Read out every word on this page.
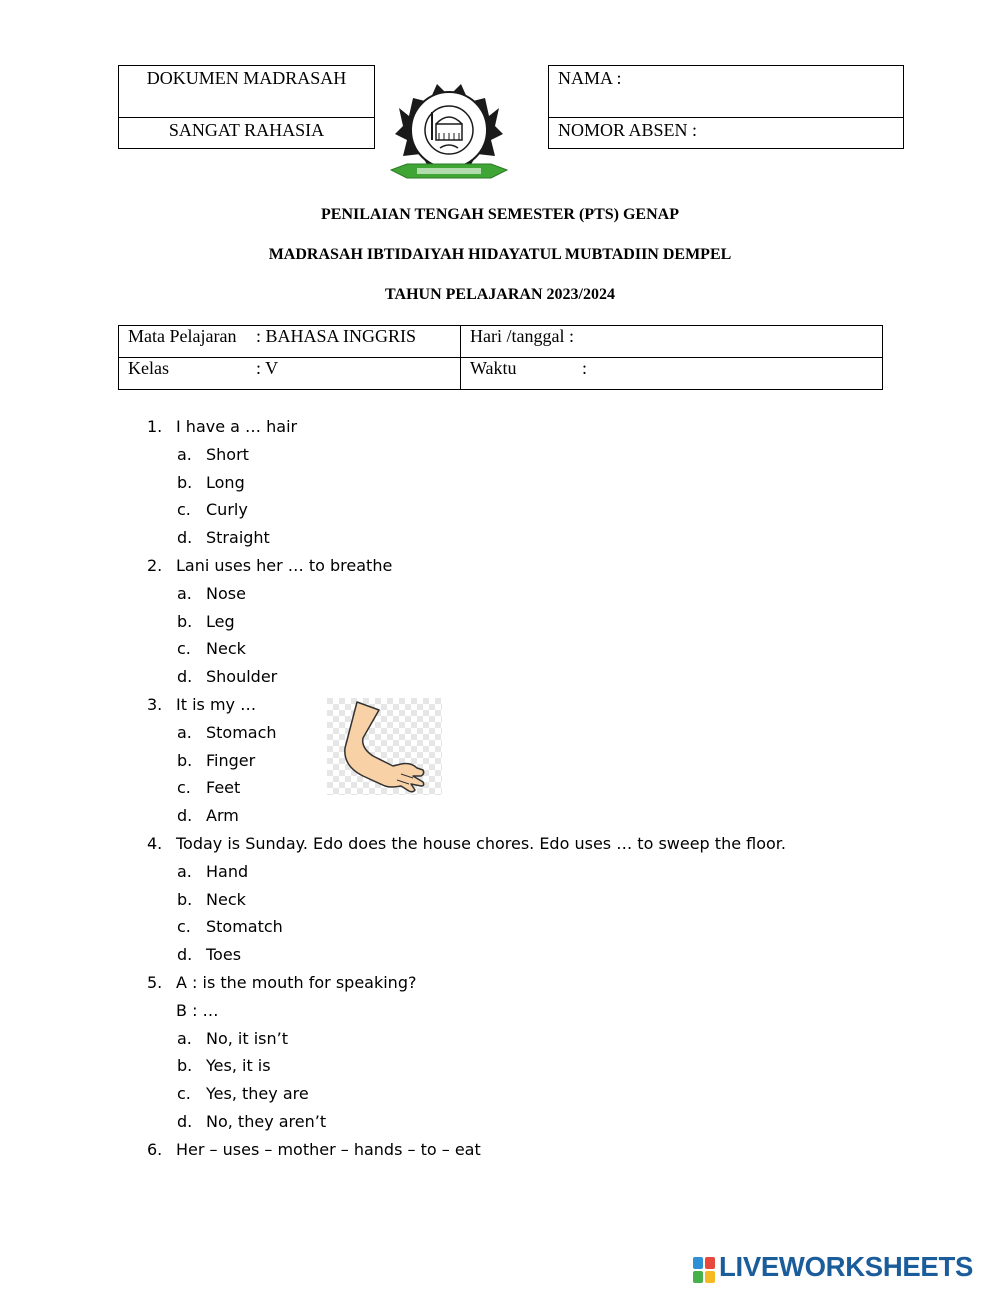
DOKUMEN MADRASAH
SANGAT RAHASIA
NAMA :
NOMOR ABSEN :
PENILAIAN TENGAH SEMESTER (PTS) GENAP
MADRASAH IBTIDAIYAH HIDAYATUL MUBTADIIN DEMPEL
TAHUN PELAJARAN 2023/2024
Mata Pelajaran : BAHASA INGGRIS	Hari /tanggal :
Kelas : V	Waktu :
1. I have a … hair
a. Short
b. Long
c. Curly
d. Straight
2. Lani uses her … to breathe
a. Nose
b. Leg
c. Neck
d. Shoulder
3. It is my …
a. Stomach
b. Finger
c. Feet
d. Arm
4. Today is Sunday. Edo does the house chores. Edo uses … to sweep the floor.
a. Hand
b. Neck
c. Stomatch
d. Toes
5. A : is the mouth for speaking?
B : …
a. No, it isn’t
b. Yes, it is
c. Yes, they are
d. No, they aren’t
6. Her – uses – mother – hands – to – eat
LIVEWORKSHEETS
